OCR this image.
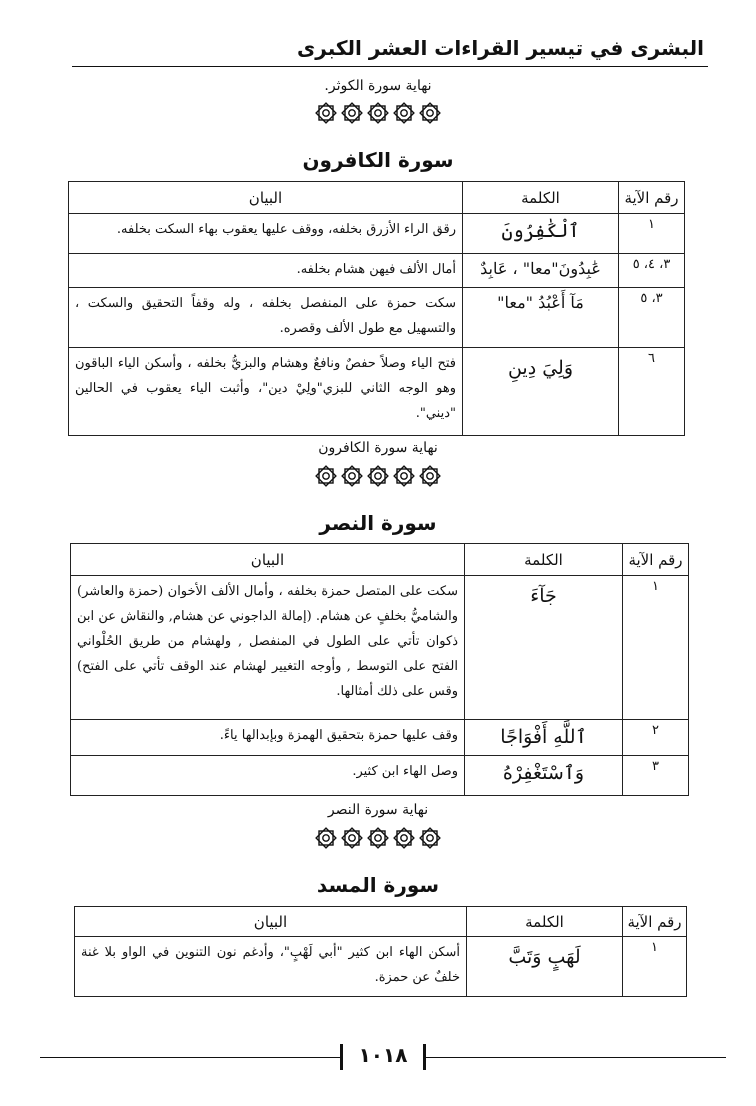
البشرى في تيسير القراءات العشر الكبرى
نهاية سورة الكوثر.
سورة الكافرون
رقم الآية	الكلمة	البيان
١	ٱلْكَٰفِرُونَ	رقق الراء الأزرق بخلفه، ووقف عليها يعقوب بهاء السكت بخلفه.
٣، ٤، ٥	عَٰبِدُونَ"معا" ، عَابِدٌ	أمال الألف فيهن هشام بخلفه.
٣، ٥	مَآ أَعْبُدُ "معا"	سكت حمزة على المنفصل بخلفه ، وله وقفاً التحقيق والسكت ، والتسهيل مع طول الألف وقصره.
٦	وَلِيَ دِينِ	فتح الياء وصلاً حفصٌ ونافعٌ وهشام والبزيُّ بخلفه ، وأسكن الياء الباقون وهو الوجه الثاني للبزي"ولِيْ دين"، وأثبت الياء يعقوب في الحالين "ديني".
نهاية سورة الكافرون
سورة النصر
رقم الآية	الكلمة	البيان
١	جَآءَ	سكت على المتصل حمزة بخلفه ، وأمال الألف الأخوان (حمزة والعاشر) والشاميُّ بخلفٍ عن هشام. (إمالة الداجوني عن هشام, والنقاش عن ابن ذكوان تأتي على الطول في المنفصل , ولهشام من طريق الحُلْواني الفتح على التوسط , وأوجه التغيير لهشام عند الوقف تأتي على الفتح) وقس على ذلك أمثالها.
٢	ٱللَّهِ أَفْوَاجًا	وقف عليها حمزة بتحقيق الهمزة وبإبدالها ياءً.
٣	وَٱسْتَغْفِرْهُ	وصل الهاء ابن كثير.
نهاية سورة النصر
سورة المسد
رقم الآية	الكلمة	البيان
١	لَهَبٍ وَتَبَّ	أسكن الهاء ابن كثير "أبي لَهْبٍ"، وأدغم نون التنوين في الواو بلا غنة خلفٌ عن حمزة.
١٠١٨
